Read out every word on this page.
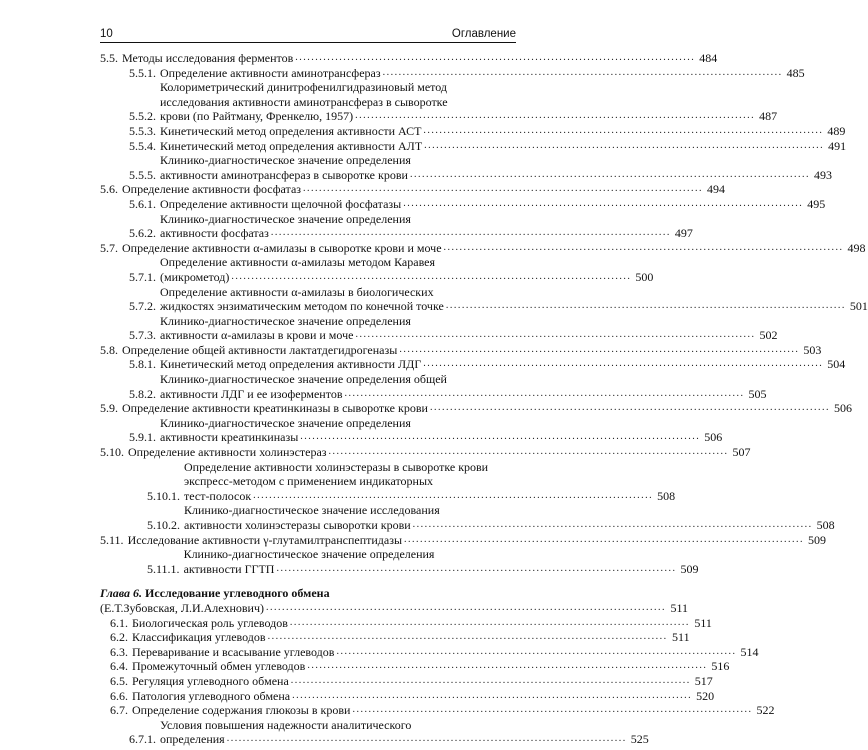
10	Оглавление
5.5. Методы исследования ферментов .................................................................................................... 484
5.5.1. Определение активности аминотрансфераз .................................................................................................... 485
5.5.2.
Колориметрический динитрофенилгидразиновый метод
исследования активности аминотрансфераз в сыворотке
крови (по Райтману, Френкелю, 1957) .................................................................................................... 487
5.5.3. Кинетический метод определения активности АСТ .................................................................................................... 489
5.5.4. Кинетический метод определения активности АЛТ .................................................................................................... 491
5.5.5.
Клинико-диагностическое значение определения
активности аминотрансфераз в сыворотке крови .................................................................................................... 493
5.6. Определение активности фосфатаз .................................................................................................... 494
5.6.1. Определение активности щелочной фосфатазы .................................................................................................... 495
5.6.2.
Клинико-диагностическое значение определения
активности фосфатаз .................................................................................................... 497
5.7. Определение активности α-амилазы в сыворотке крови и моче .................................................................................................... 498
5.7.1.
Определение активности α-амилазы методом Каравея
(микрометод) .................................................................................................... 500
5.7.2.
Определение активности α-амилазы в биологических
жидкостях энзиматическим методом по конечной точке .................................................................................................... 501
5.7.3.
Клинико-диагностическое значение определения
активности α-амилазы в крови и моче .................................................................................................... 502
5.8. Определение общей активности лактатдегидрогеназы .................................................................................................... 503
5.8.1. Кинетический метод определения активности ЛДГ .................................................................................................... 504
5.8.2.
Клинико-диагностическое значение определения общей
активности ЛДГ и ее изоферментов .................................................................................................... 505
5.9. Определение активности креатинкиназы в сыворотке крови .................................................................................................... 506
5.9.1.
Клинико-диагностическое значение определения
активности креатинкиназы .................................................................................................... 506
5.10. Определение активности холинэстераз .................................................................................................... 507
5.10.1.
Определение активности холинэстеразы в сыворотке крови
экспресс-методом с применением индикаторных
тест-полосок .................................................................................................... 508
5.10.2.
Клинико-диагностическое значение исследования
активности холинэстеразы сыворотки крови .................................................................................................... 508
5.11. Исследование активности γ-глутамилтранспептидазы .................................................................................................... 509
5.11.1.
Клинико-диагностическое значение определения
активности ГГТП .................................................................................................... 509
Глава 6. Исследование углеводного обмена
(Е.Т.Зубовская, Л.И.Алехнович) .................................................................................................... 511
6.1. Биологическая роль углеводов .................................................................................................... 511
6.2. Классификация углеводов .................................................................................................... 511
6.3. Переваривание и всасывание углеводов .................................................................................................... 514
6.4. Промежуточный обмен углеводов .................................................................................................... 516
6.5. Регуляция углеводного обмена .................................................................................................... 517
6.6. Патология углеводного обмена .................................................................................................... 520
6.7. Определение содержания глюкозы в крови .................................................................................................... 522
6.7.1.
Условия повышения надежности аналитического
определения .................................................................................................... 525
